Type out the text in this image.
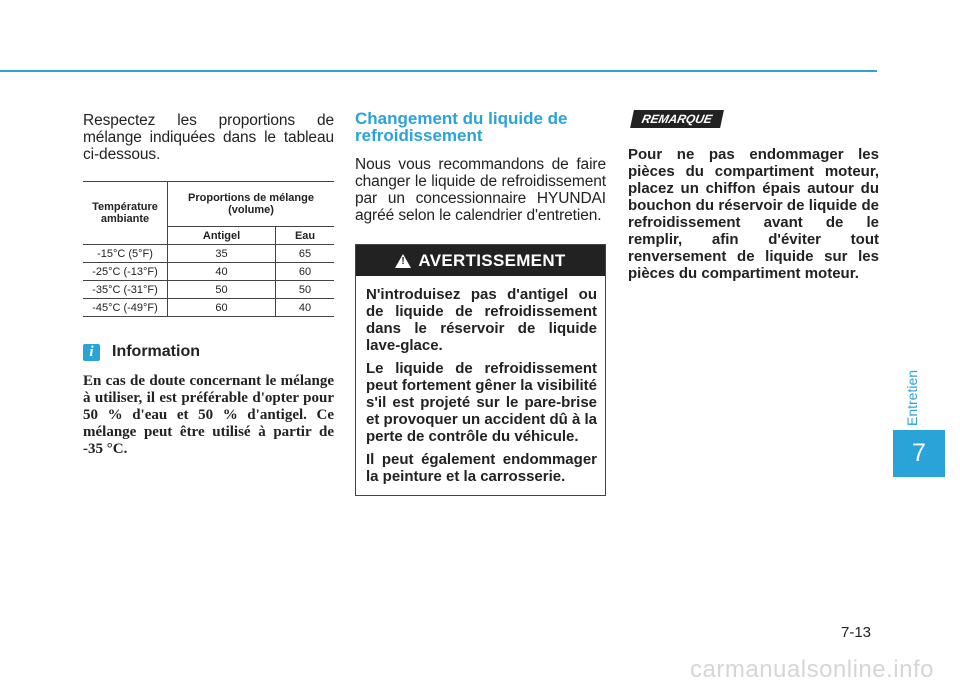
Respectez les proportions de mélange indiquées dans le tableau ci-dessous.

Température ambiante	Proportions de mélange (volume)	
	Antigel	Eau
-15°C (5°F)	35	65
-25°C (-13°F)	40	60
-35°C (-31°F)	50	50
-45°C (-49°F)	60	40
i	Information

En cas de doute concernant le mélange à utiliser, il est préférable d'opter pour 50 % d'eau et 50 % d'antigel. Ce mélange peut être utilisé à partir de -35 °C.

Changement du liquide de refroidissement

Nous vous recommandons de faire changer le liquide de refroidissement par un concessionnaire HYUNDAI agréé selon le calendrier d'entretien.

! AVERTISSEMENT

N'introduisez pas d'antigel ou de liquide de refroidissement dans le réservoir de liquide lave-glace.

Le liquide de refroidissement peut fortement gêner la visibilité s'il est projeté sur le pare-brise et provoquer un accident dû à la perte de contrôle du véhicule.

Il peut également endommager la peinture et la carrosserie.

REMARQUE

Pour ne pas endommager les pièces du compartiment moteur, placez un chiffon épais autour du bouchon du réservoir de liquide de refroidissement avant de le remplir, afin d'éviter tout renversement de liquide sur les pièces du compartiment moteur.

Entretien
7
7-13
carmanualsonline.info
